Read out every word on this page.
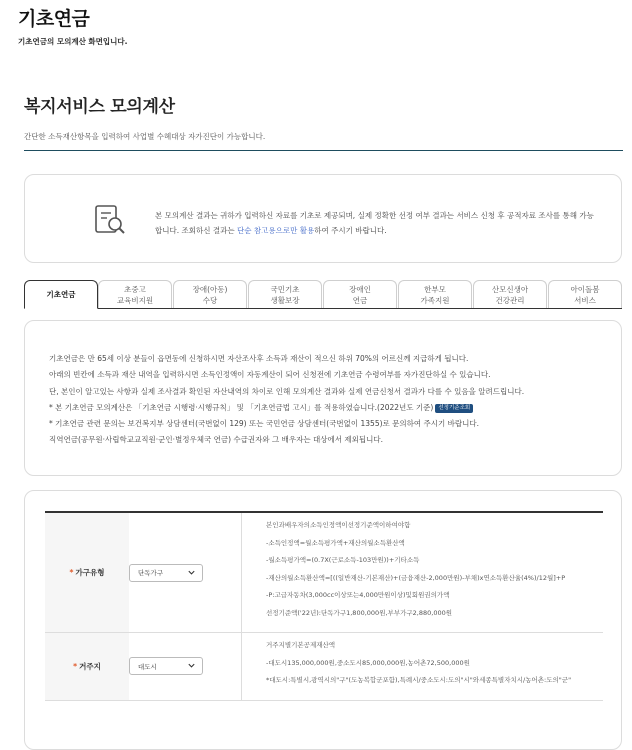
기초연금
기초연금의 모의계산 화면입니다.
복지서비스 모의계산
간단한 소득재산항목을 입력하여 사업별 수혜대상 자가진단이 가능합니다.
본 모의계산 결과는 귀하가 입력하신 자료를 기초로 제공되며, 실제 정확한 선정 여부 결과는 서비스 신청 후 공적자료 조사를 통해 가능합니다. 조회하신 결과는 단순 참고용으로만 활용하여 주시기 바랍니다.
기초연금
초중고
교육비지원
장애(아동)
수당
국민기초
생활보장
장애인
연금
한부모
가족지원
산모신생아
건강관리
아이돌봄
서비스
기초연금은 만 65세 이상 분들이 읍면동에 신청하시면 자산조사후 소득과 재산이 적으신 하위 70%의 어르신께 지급하게 됩니다.
아래의 빈칸에 소득과 재산 내역을 입력하시면 소득인정액이 자동계산이 되어 신청전에 기초연금 수령여부를 자가진단하실 수 있습니다.
단, 본인이 알고있는 사항과 실제 조사결과 확인된 자산내역의 차이로 인해 모의계산 결과와 실제 연금신청서 결과가 다를 수 있음을 알려드립니다.
* 본 기초연금 모의계산은 「기초연금 시행령·시행규칙」 및 「기초연금법 고시」를 적용하였습니다.(2022년도 기준) 선정기준조회
* 기초연금 관련 문의는 보건복지부 상담센터(국번없이 129) 또는 국민연금 상담센터(국번없이 1355)로 문의하여 주시기 바랍니다.
직역연금(공무원·사립학교교직원·군인·별정우체국 연금) 수급권자와 그 배우자는 대상에서 제외됩니다.
* 가구유형	단독가구
본인과배우자의소득인정액이선정기준액이하여야함
-소득인정액=월소득평가액+재산의월소득환산액
-월소득평가액=(0.7X(근로소득-103만원))+기타소득
-재산의월소득환산액=[((일반재산-기본재산)+(금융재산-2,000만원)-부채)x연소득환산율(4%)/12월]+P
-P:고급자동차(3,000cc이상또는4,000만원이상)및회원권의가액
선정기준액('22년):단독가구1,800,000원,부부가구2,880,000원
* 거주지	대도시
거주지별기본공제재산액
-대도시135,000,000원,중소도시85,000,000원,농어촌72,500,000원
*대도시:특별시,광역시의"구"(도농복합군포함),특례시/중소도시:도의"시"와세종특별자치시/농어촌:도의"군"
